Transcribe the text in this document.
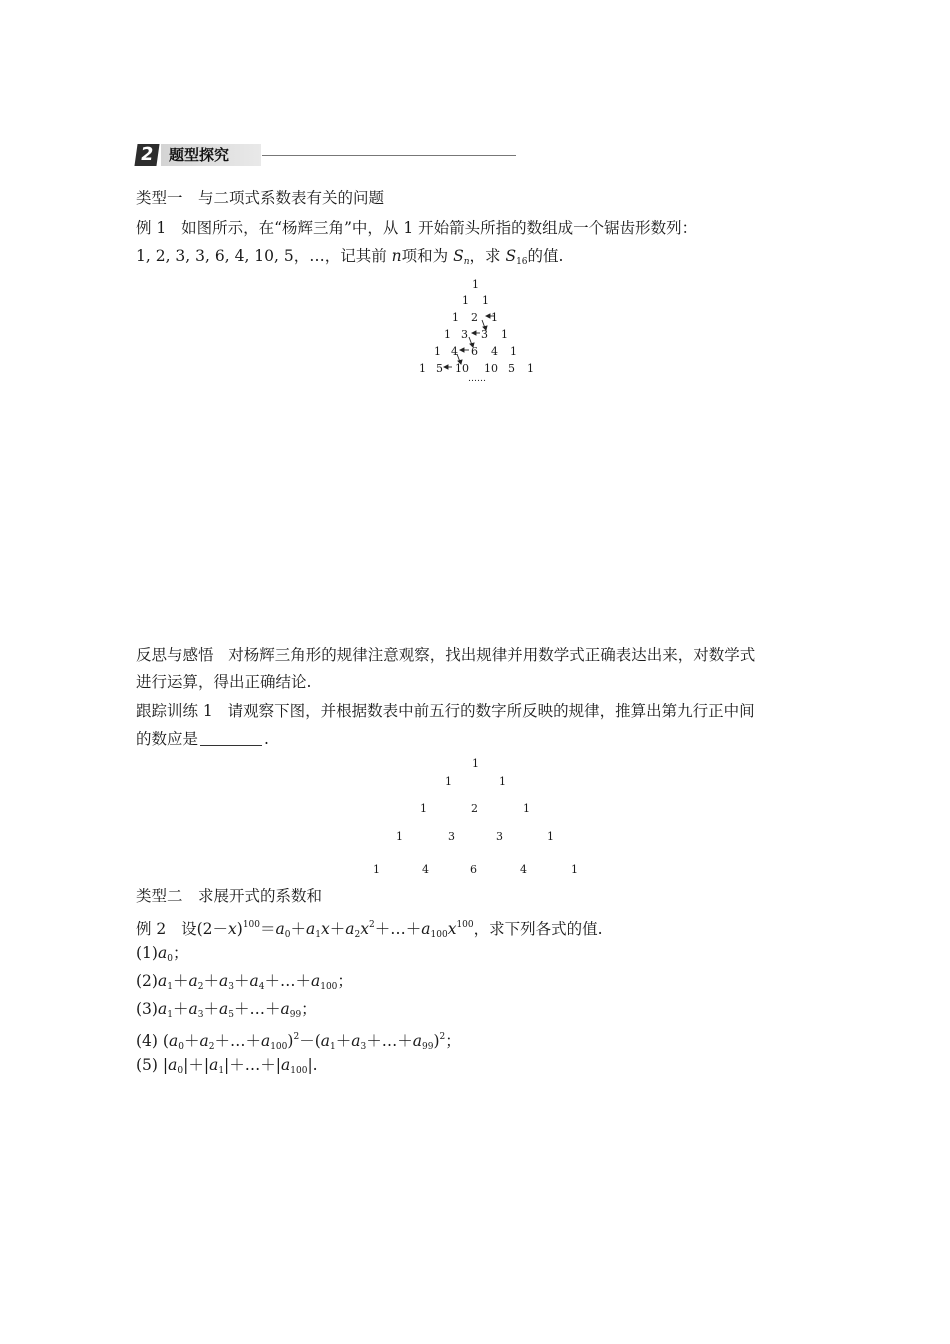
2 题型探究
类型一　与二项式系数表有关的问题
例 1 如图所示，在“杨辉三角”中，从 1 开始箭头所指的数组成一个锯齿形数列：
1, 2, 3, 3, 6, 4, 10, 5，…，记其前 n项和为 $S_n$，求 $S_{16}$的值.
1
1 1
1 2 1
1 3 3 1
1 4 6 4 1
1 5 10 10 5 1
……
反思与感悟 对杨辉三角形的规律注意观察，找出规律并用数学式正确表达出来，对数学式
进行运算，得出正确结论.
跟踪训练 1 请观察下图，并根据数表中前五行的数字所反映的规律，推算出第九行正中间
的数应是	.
1
1	1
1	2	1
1	3	3	1
1	4	6	4	1
类型二　求展开式的系数和
例 2 设$(2-x)^{100}=a_0+a_1x+a_2x^2+\dots+a_{100}x^{100}$，求下列各式的值.
$(1)a_0$；
$(2)a_1+a_2+a_3+a_4+\dots+a_{100}$；
$(3)a_1+a_3+a_5+\dots+a_{99}$；
(4) $(a_0+a_2+\dots+a_{100})^2-(a_1+a_3+\dots+a_{99})^2$；
(5) $|a_0|+|a_1|+\dots+|a_{100}|$.
